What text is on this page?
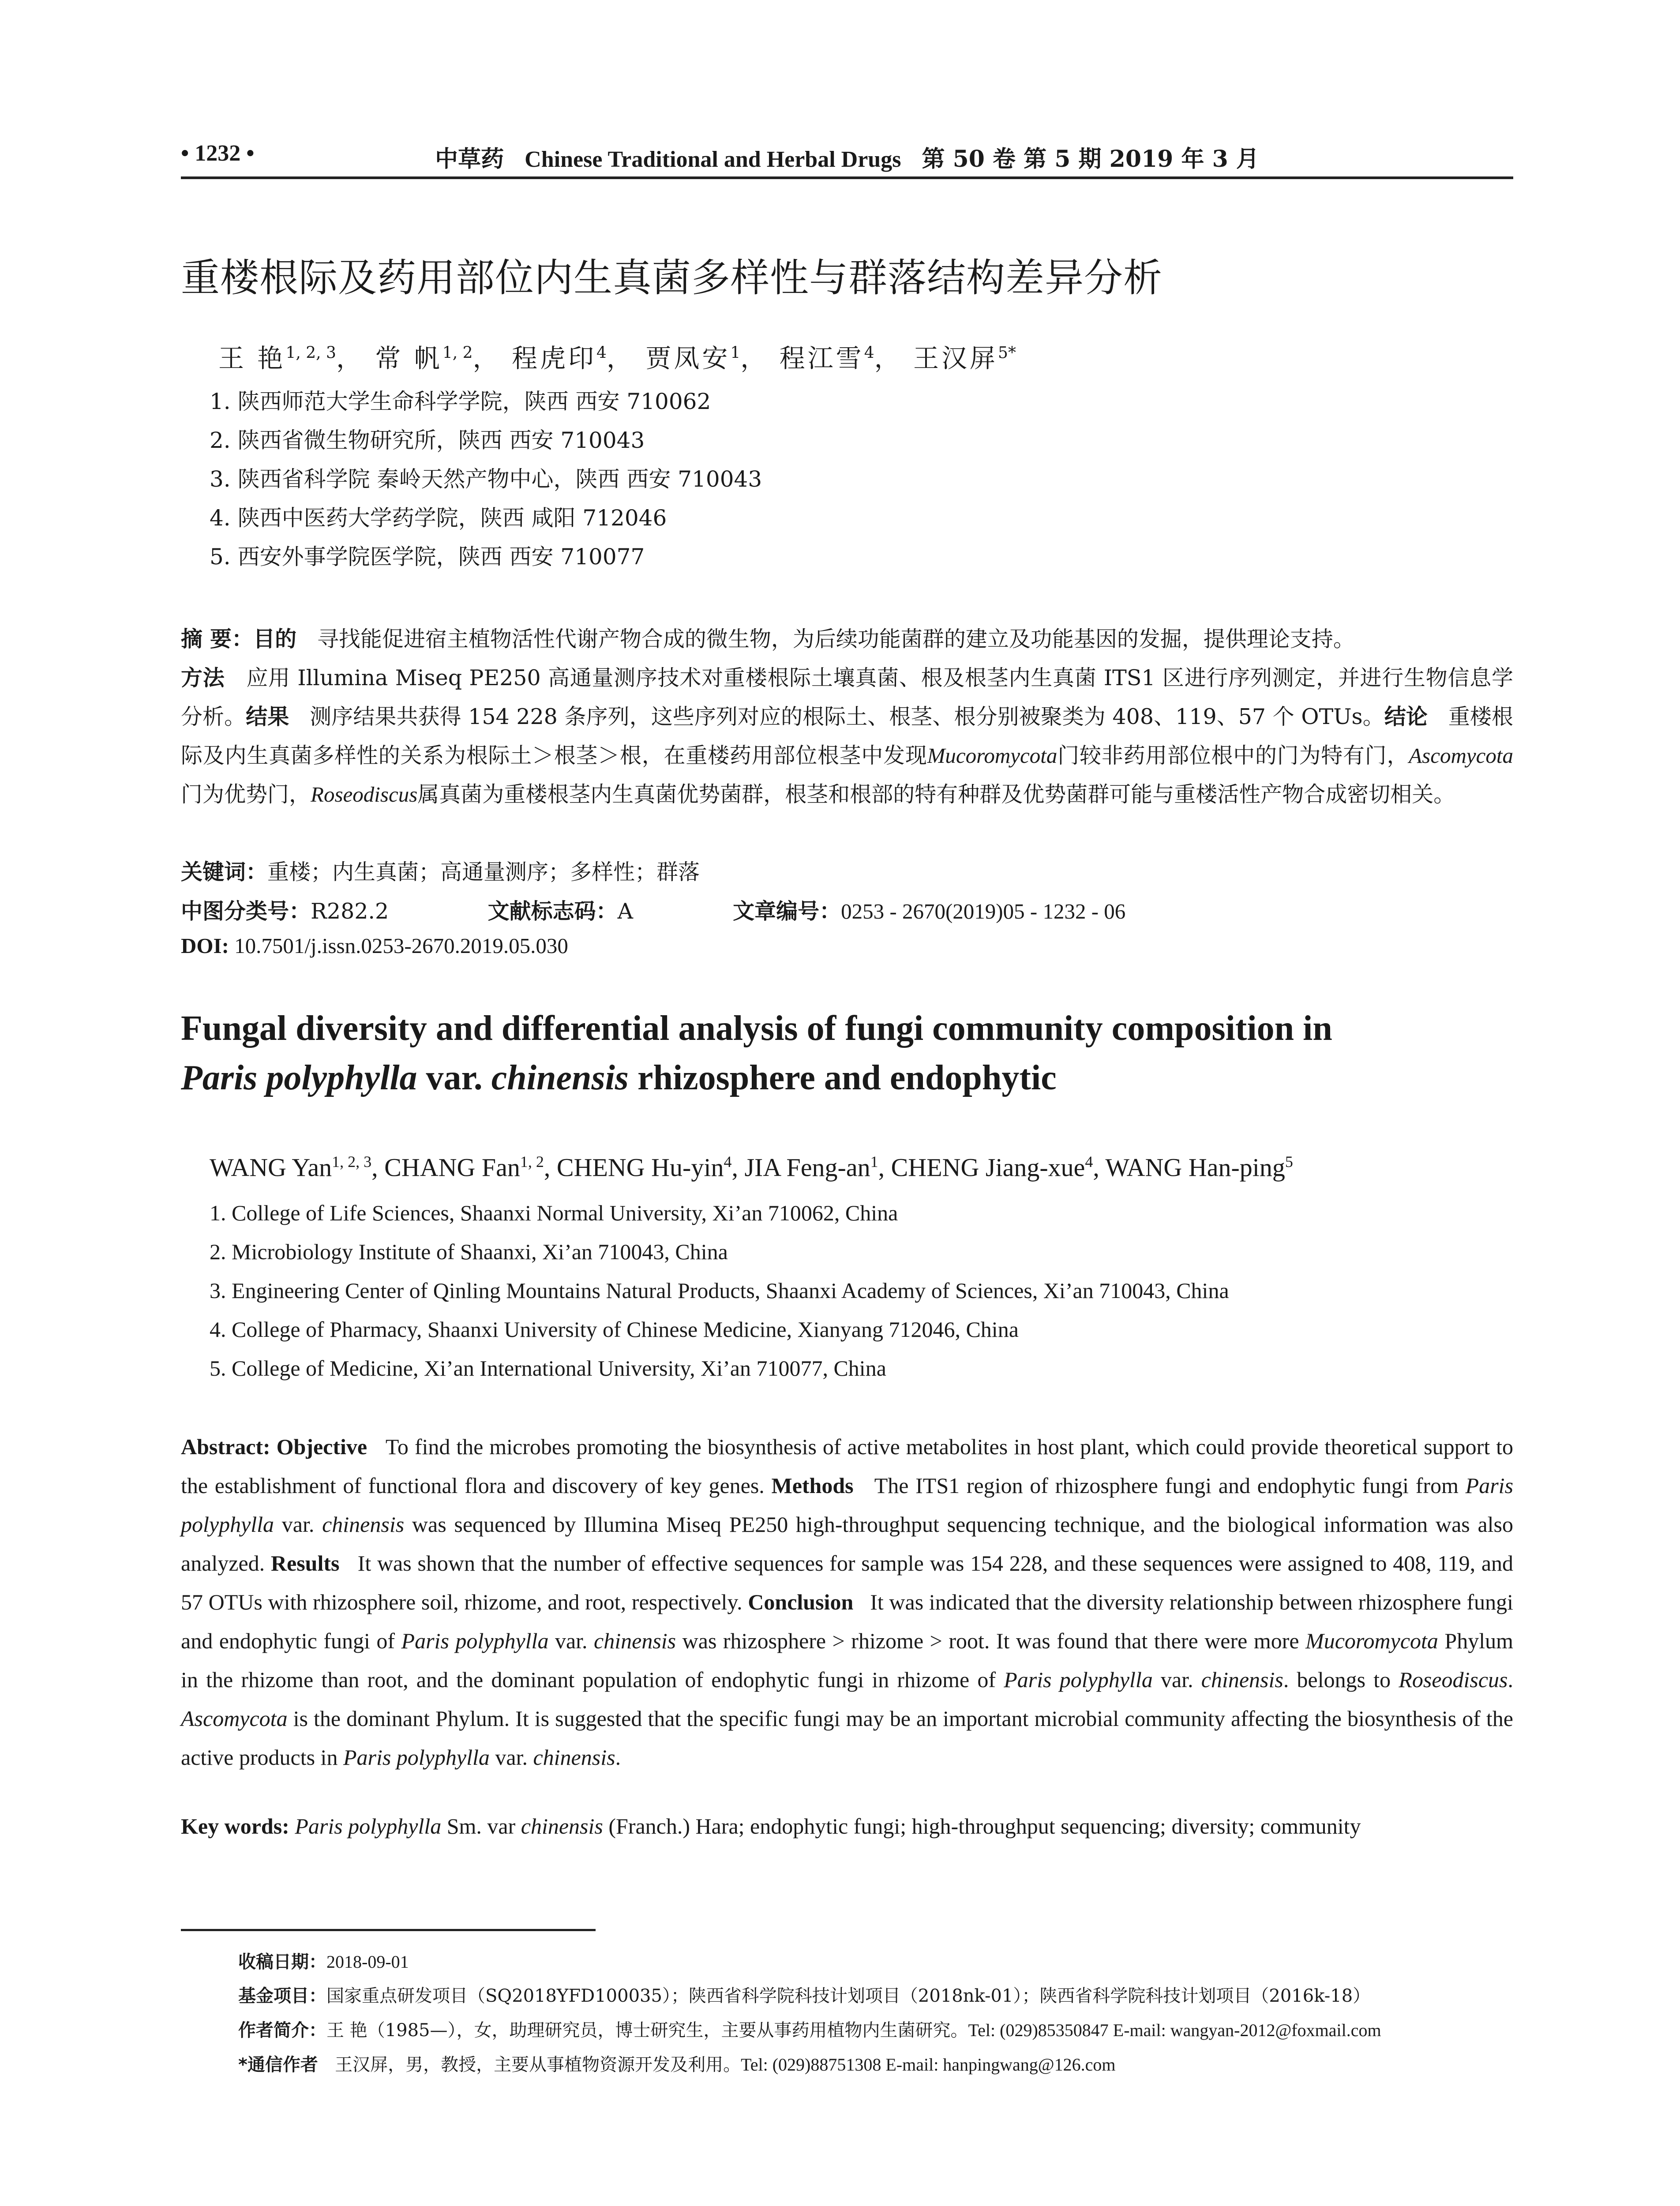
• 1232 •	中草药 Chinese Traditional and Herbal Drugs 第 50 卷 第 5 期 2019 年 3 月
重楼根际及药用部位内生真菌多样性与群落结构差异分析
王 艳$^{1, 2, 3}$， 常 帆$^{1, 2}$， 程虎印$^4$， 贾凤安$^1$， 程江雪$^4$， 王汉屏$^{5*}$
1. 陕西师范大学生命科学学院，陕西 西安 710062
2. 陕西省微生物研究所，陕西 西安 710043
3. 陕西省科学院 秦岭天然产物中心，陕西 西安 710043
4. 陕西中医药大学药学院，陕西 咸阳 712046
5. 西安外事学院医学院，陕西 西安 710077
摘 要：目的 寻找能促进宿主植物活性代谢产物合成的微生物，为后续功能菌群的建立及功能基因的发掘，提供理论支持。
方法 应用 Illumina Miseq PE250 高通量测序技术对重楼根际土壤真菌、根及根茎内生真菌 ITS1 区进行序列测定，并进行生物信息学分析。结果 测序结果共获得 154 228 条序列，这些序列对应的根际土、根茎、根分别被聚类为 408、119、57 个 OTUs。结论 重楼根际及内生真菌多样性的关系为根际土＞根茎＞根，在重楼药用部位根茎中发现Mucoromycota门较非药用部位根中的门为特有门，Ascomycota门为优势门，Roseodiscus属真菌为重楼根茎内生真菌优势菌群，根茎和根部的特有种群及优势菌群可能与重楼活性产物合成密切相关。
关键词：重楼；内生真菌；高通量测序；多样性；群落
中图分类号：R282.2	文献标志码：A	文章编号：0253 - 2670(2019)05 - 1232 - 06
DOI: 10.7501/j.issn.0253-2670.2019.05.030
Fungal diversity and differential analysis of fungi community composition in
Paris polyphylla var. chinensis rhizosphere and endophytic
WANG Yan$^{1, 2, 3}$, CHANG Fan$^{1, 2}$, CHENG Hu-yin$^4$, JIA Feng-$an^1$, CHENG Jiang-xue$^4$, WANG Han-ping$^5$
1. College of Life Sciences, Shaanxi Normal University, Xi’an 710062, China
2. Microbiology Institute of Shaanxi, Xi’an 710043, China
3. Engineering Center of Qinling Mountains Natural Products, Shaanxi Academy of Sciences, Xi’an 710043, China
4. College of Pharmacy, Shaanxi University of Chinese Medicine, Xianyang 712046, China
5. College of Medicine, Xi’an International University, Xi’an 710077, China
Abstract: Objective To find the microbes promoting the biosynthesis of active metabolites in host plant, which could provide theoretical support to the establishment of functional flora and discovery of key genes. Methods The ITS1 region of rhizosphere fungi and endophytic fungi from Paris polyphylla var. chinensis was sequenced by Illumina Miseq PE250 high-throughput sequencing technique, and the biological information was also analyzed. Results It was shown that the number of effective sequences for sample was 154 228, and these sequences were assigned to 408, 119, and 57 OTUs with rhizosphere soil, rhizome, and root, respectively. Conclusion It was indicated that the diversity relationship between rhizosphere fungi and endophytic fungi of Paris polyphylla var. chinensis was rhizosphere > rhizome > root. It was found that there were more Mucoromycota Phylum in the rhizome than root, and the dominant population of endophytic fungi in rhizome of Paris polyphylla var. chinensis. belongs to Roseodiscus. Ascomycota is the dominant Phylum. It is suggested that the specific fungi may be an important microbial community affecting the biosynthesis of the active products in Paris polyphylla var. chinensis.
Key words: Paris polyphylla Sm. var chinensis (Franch.) Hara; endophytic fungi; high-throughput sequencing; diversity; community
收稿日期：2018-09-01
基金项目：国家重点研发项目（SQ2018YFD100035）；陕西省科学院科技计划项目（2018nk-01）；陕西省科学院科技计划项目（2016k-18）
作者简介：王 艳（1985—），女，助理研究员，博士研究生，主要从事药用植物内生菌研究。Tel: (029)85350847 E-mail: wangyan-2012@foxmail.com
*通信作者 王汉屏，男，教授，主要从事植物资源开发及利用。Tel: (029)88751308 E-mail: hanpingwang@126.com
